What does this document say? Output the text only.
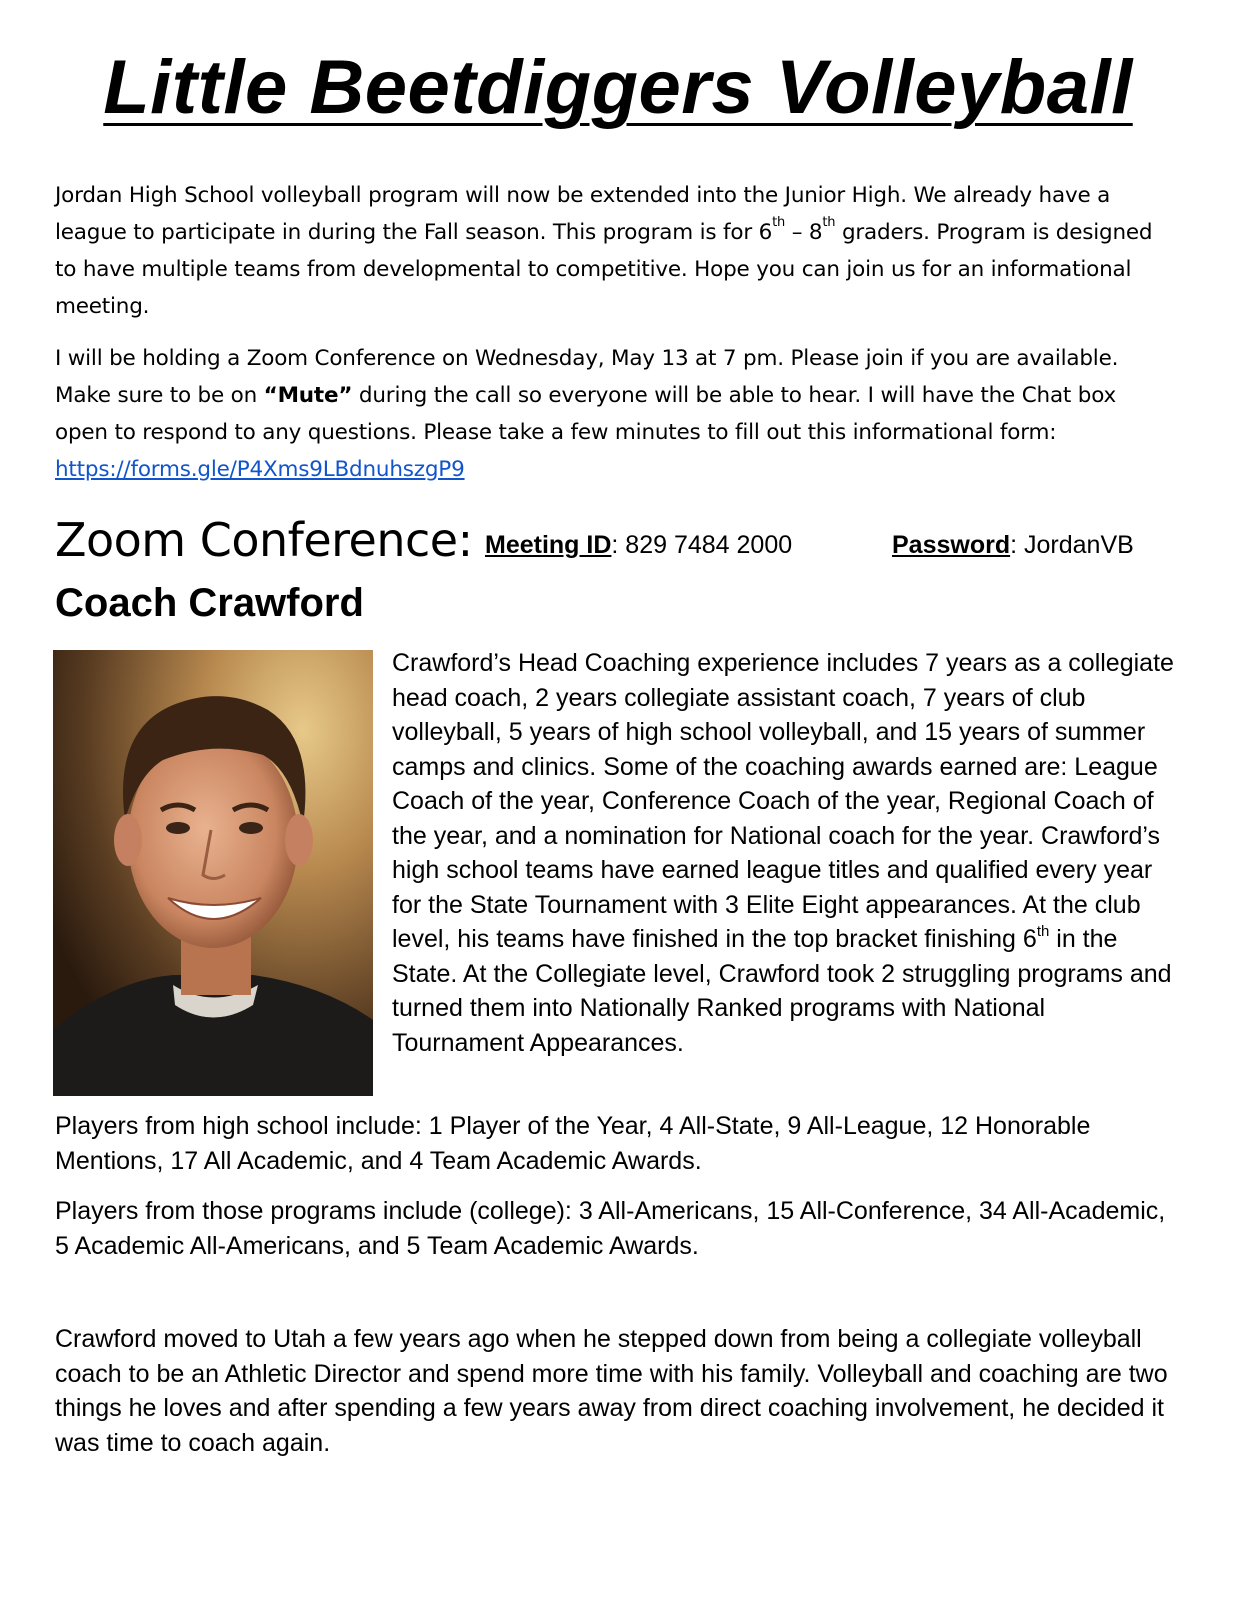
Little Beetdiggers Volleyball

Jordan High School volleyball program will now be extended into the Junior High. We already have a league to participate in during the Fall season. This program is for 6th – 8th graders. Program is designed to have multiple teams from developmental to competitive. Hope you can join us for an informational meeting.

I will be holding a Zoom Conference on Wednesday, May 13 at 7 pm. Please join if you are available. Make sure to be on “Mute” during the call so everyone will be able to hear. I will have the Chat box open to respond to any questions. Please take a few minutes to fill out this informational form: https://forms.gle/P4Xms9LBdnuhszgP9

Zoom Conference: Meeting ID: 829 7484 2000	Password: JordanVB
Coach Crawford

Crawford’s Head Coaching experience includes 7 years as a collegiate head coach, 2 years collegiate assistant coach, 7 years of club volleyball, 5 years of high school volleyball, and 15 years of summer camps and clinics. Some of the coaching awards earned are: League Coach of the year, Conference Coach of the year, Regional Coach of the year, and a nomination for National coach for the year. Crawford’s high school teams have earned league titles and qualified every year for the State Tournament with 3 Elite Eight appearances. At the club level, his teams have finished in the top bracket finishing 6th in the State. At the Collegiate level, Crawford took 2 struggling programs and turned them into Nationally Ranked programs with National Tournament Appearances.

Players from high school include: 1 Player of the Year, 4 All-State, 9 All-League, 12 Honorable Mentions, 17 All Academic, and 4 Team Academic Awards.

Players from those programs include (college): 3 All-Americans, 15 All-Conference, 34 All-Academic, 5 Academic All-Americans, and 5 Team Academic Awards.

Crawford moved to Utah a few years ago when he stepped down from being a collegiate volleyball coach to be an Athletic Director and spend more time with his family. Volleyball and coaching are two things he loves and after spending a few years away from direct coaching involvement, he decided it was time to coach again.
